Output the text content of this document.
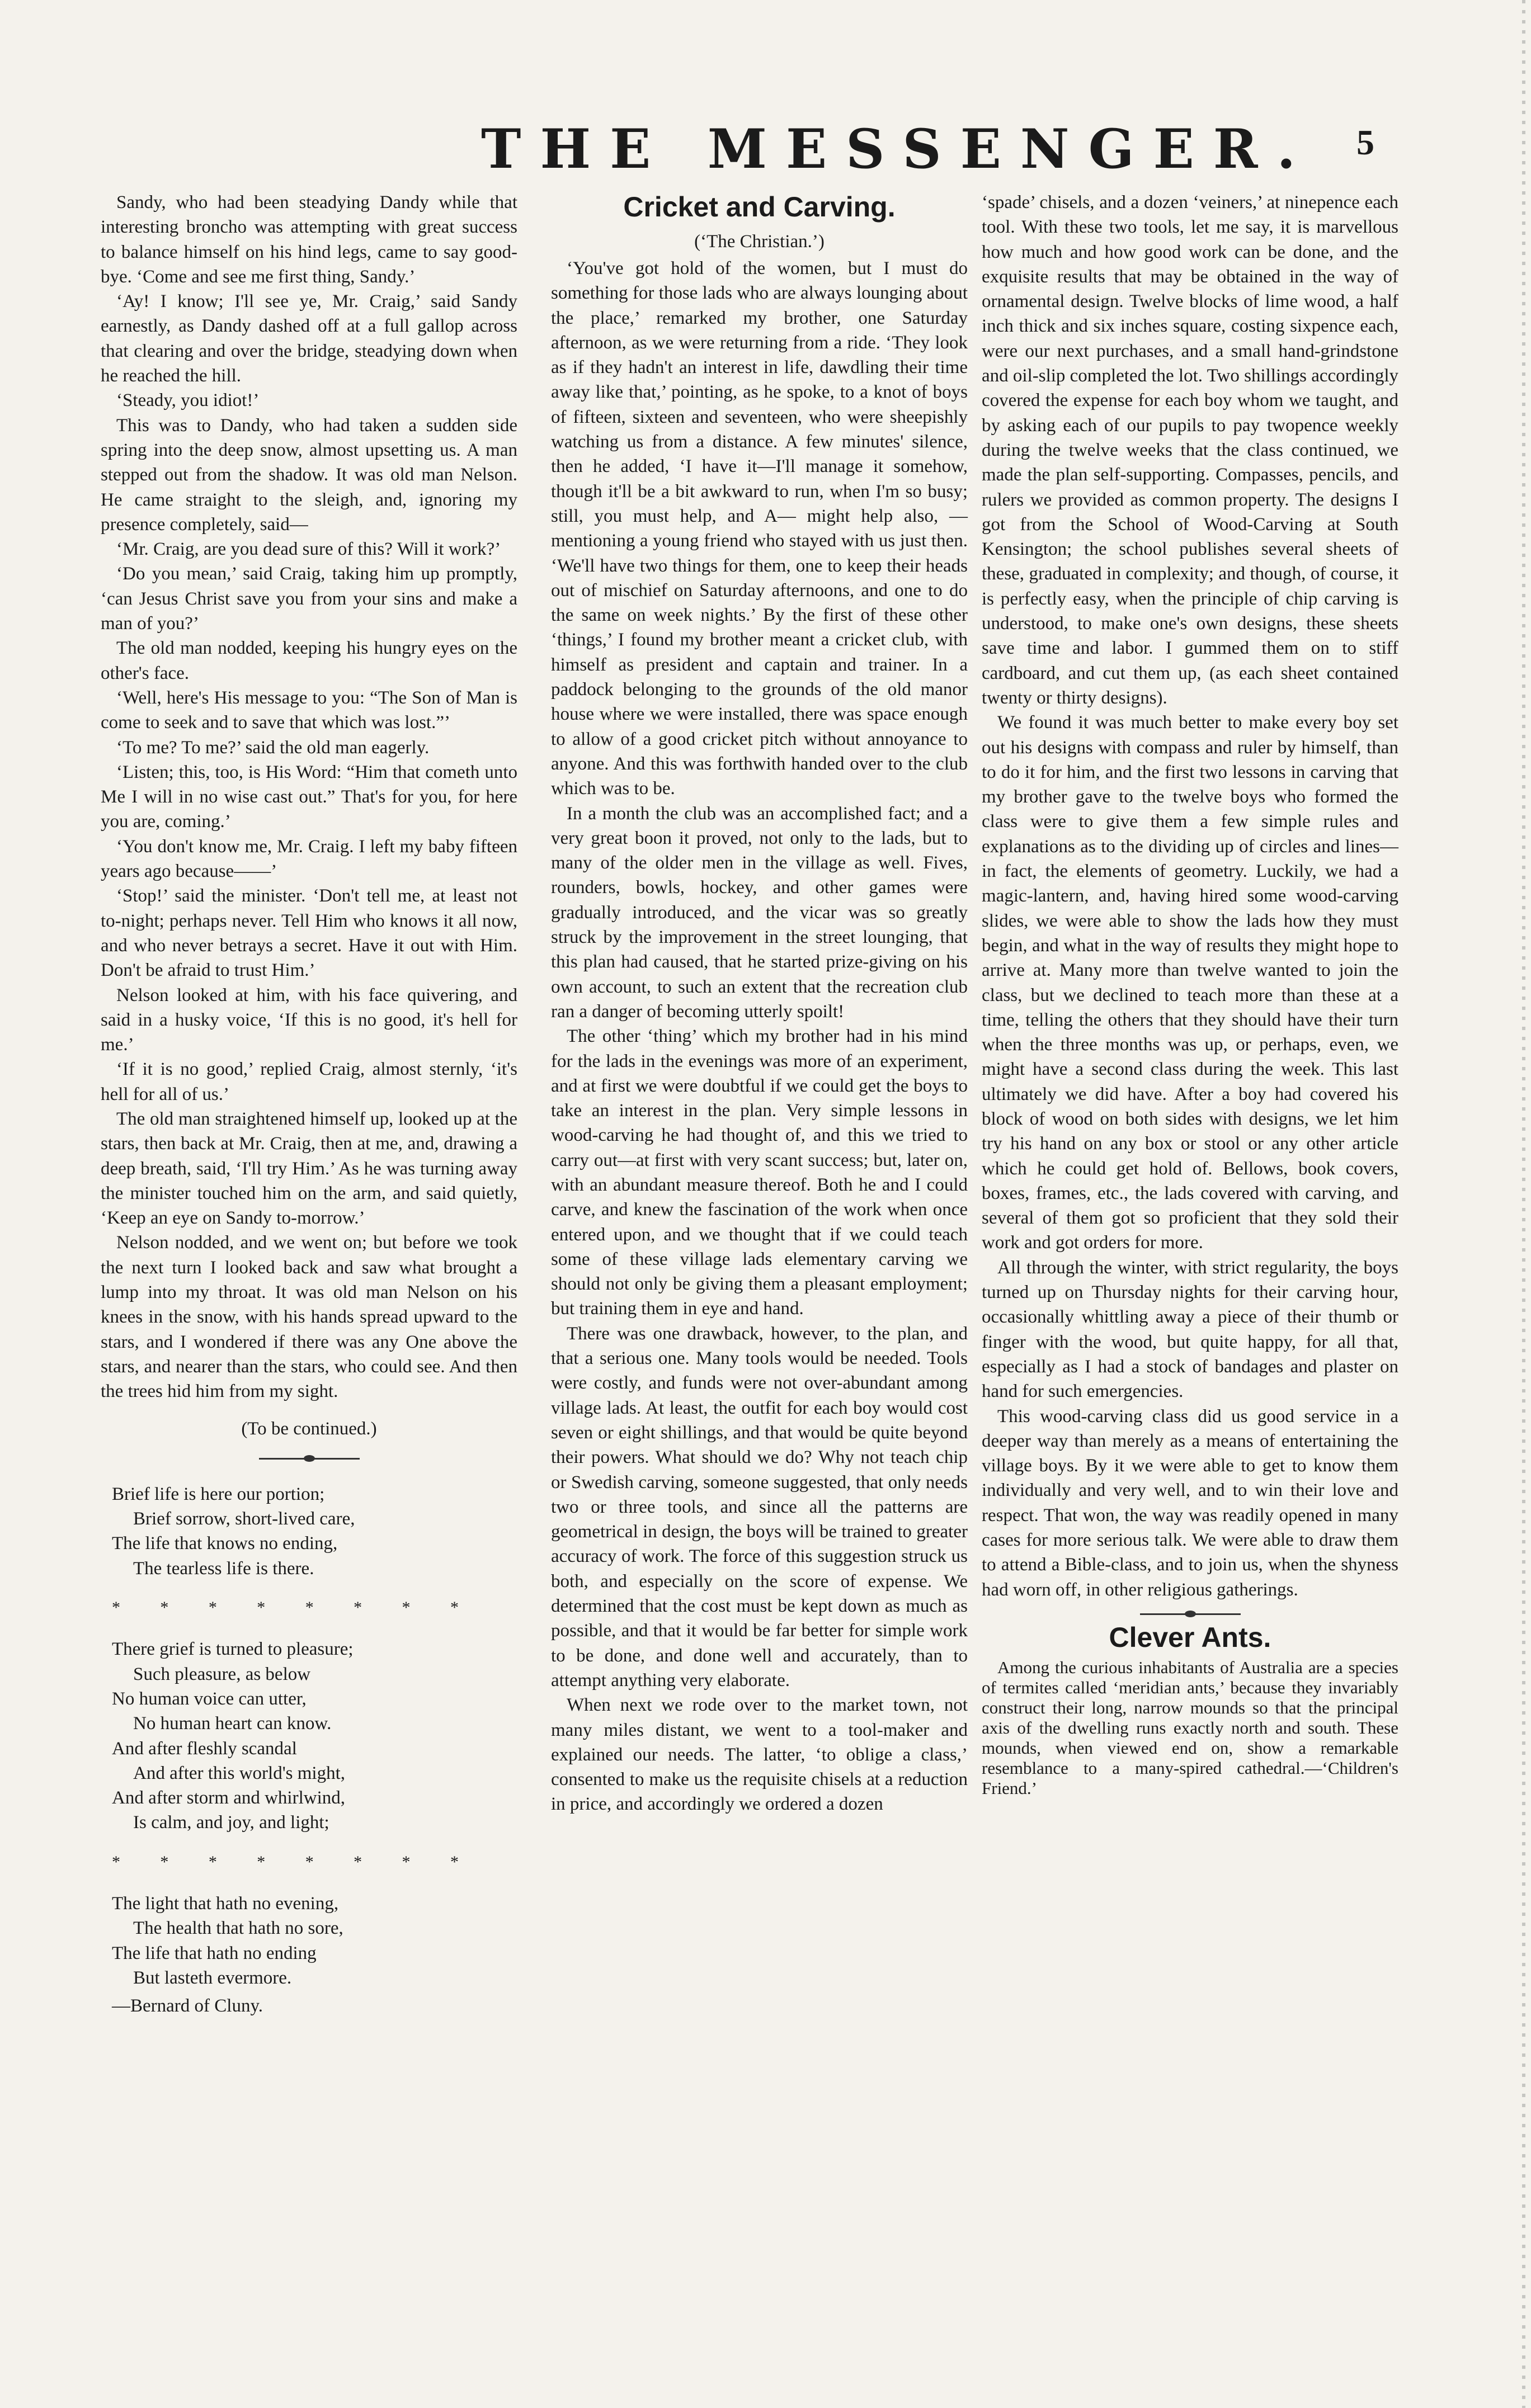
THE MESSENGER. 5

Sandy, who had been steadying Dandy while that interesting broncho was attempting with great success to balance himself on his hind legs, came to say good-bye. ‘Come and see me first thing, Sandy.’

‘Ay! I know; I'll see ye, Mr. Craig,’ said Sandy earnestly, as Dandy dashed off at a full gallop across that clearing and over the bridge, steadying down when he reached the hill.

‘Steady, you idiot!’

This was to Dandy, who had taken a sudden side spring into the deep snow, almost upsetting us. A man stepped out from the shadow. It was old man Nelson. He came straight to the sleigh, and, ignoring my presence completely, said—

‘Mr. Craig, are you dead sure of this? Will it work?’

‘Do you mean,’ said Craig, taking him up promptly, ‘can Jesus Christ save you from your sins and make a man of you?’

The old man nodded, keeping his hungry eyes on the other's face.

‘Well, here's His message to you: “The Son of Man is come to seek and to save that which was lost.”’

‘To me? To me?’ said the old man eagerly.

‘Listen; this, too, is His Word: “Him that cometh unto Me I will in no wise cast out.” That's for you, for here you are, coming.’

‘You don't know me, Mr. Craig. I left my baby fifteen years ago because——’

‘Stop!’ said the minister. ‘Don't tell me, at least not to-night; perhaps never. Tell Him who knows it all now, and who never betrays a secret. Have it out with Him. Don't be afraid to trust Him.’

Nelson looked at him, with his face quivering, and said in a husky voice, ‘If this is no good, it's hell for me.’

‘If it is no good,’ replied Craig, almost sternly, ‘it's hell for all of us.’

The old man straightened himself up, looked up at the stars, then back at Mr. Craig, then at me, and, drawing a deep breath, said, ‘I'll try Him.’ As he was turning away the minister touched him on the arm, and said quietly, ‘Keep an eye on Sandy to-morrow.’

Nelson nodded, and we went on; but before we took the next turn I looked back and saw what brought a lump into my throat. It was old man Nelson on his knees in the snow, with his hands spread upward to the stars, and I wondered if there was any One above the stars, and nearer than the stars, who could see. And then the trees hid him from my sight.

(To be continued.)
Brief life is here our portion;
Brief sorrow, short-lived care,
The life that knows no ending,
The tearless life is there.
* * * * * * * *
There grief is turned to pleasure;
Such pleasure, as below
No human voice can utter,
No human heart can know.
And after fleshly scandal
And after this world's might,
And after storm and whirlwind,
Is calm, and joy, and light;
* * * * * * * *
The light that hath no evening,
The health that hath no sore,
The life that hath no ending
But lasteth evermore.
—Bernard of Cluny.
Cricket and Carving.
(‘The Christian.’)

‘You've got hold of the women, but I must do something for those lads who are always lounging about the place,’ remarked my brother, one Saturday afternoon, as we were returning from a ride. ‘They look as if they hadn't an interest in life, dawdling their time away like that,’ pointing, as he spoke, to a knot of boys of fifteen, sixteen and seventeen, who were sheepishly watching us from a distance. A few minutes' silence, then he added, ‘I have it—I'll manage it somehow, though it'll be a bit awkward to run, when I'm so busy; still, you must help, and A— might help also, — mentioning a young friend who stayed with us just then. ‘We'll have two things for them, one to keep their heads out of mischief on Saturday afternoons, and one to do the same on week nights.’ By the first of these other ‘things,’ I found my brother meant a cricket club, with himself as president and captain and trainer. In a paddock belonging to the grounds of the old manor house where we were installed, there was space enough to allow of a good cricket pitch without annoyance to anyone. And this was forthwith handed over to the club which was to be.

In a month the club was an accomplished fact; and a very great boon it proved, not only to the lads, but to many of the older men in the village as well. Fives, rounders, bowls, hockey, and other games were gradually introduced, and the vicar was so greatly struck by the improvement in the street lounging, that this plan had caused, that he started prize-giving on his own account, to such an extent that the recreation club ran a danger of becoming utterly spoilt!

The other ‘thing’ which my brother had in his mind for the lads in the evenings was more of an experiment, and at first we were doubtful if we could get the boys to take an interest in the plan. Very simple lessons in wood-carving he had thought of, and this we tried to carry out—at first with very scant success; but, later on, with an abundant measure thereof. Both he and I could carve, and knew the fascination of the work when once entered upon, and we thought that if we could teach some of these village lads elementary carving we should not only be giving them a pleasant employment; but training them in eye and hand.

There was one drawback, however, to the plan, and that a serious one. Many tools would be needed. Tools were costly, and funds were not over-abundant among village lads. At least, the outfit for each boy would cost seven or eight shillings, and that would be quite beyond their powers. What should we do? Why not teach chip or Swedish carving, someone suggested, that only needs two or three tools, and since all the patterns are geometrical in design, the boys will be trained to greater accuracy of work. The force of this suggestion struck us both, and especially on the score of expense. We determined that the cost must be kept down as much as possible, and that it would be far better for simple work to be done, and done well and accurately, than to attempt anything very elaborate.

When next we rode over to the market town, not many miles distant, we went to a tool-maker and explained our needs. The latter, ‘to oblige a class,’ consented to make us the requisite chisels at a reduction in price, and accordingly we ordered a dozen

‘spade’ chisels, and a dozen ‘veiners,’ at ninepence each tool. With these two tools, let me say, it is marvellous how much and how good work can be done, and the exquisite results that may be obtained in the way of ornamental design. Twelve blocks of lime wood, a half inch thick and six inches square, costing sixpence each, were our next purchases, and a small hand-grindstone and oil-slip completed the lot. Two shillings accordingly covered the expense for each boy whom we taught, and by asking each of our pupils to pay twopence weekly during the twelve weeks that the class continued, we made the plan self-supporting. Compasses, pencils, and rulers we provided as common property. The designs I got from the School of Wood-Carving at South Kensington; the school publishes several sheets of these, graduated in complexity; and though, of course, it is perfectly easy, when the principle of chip carving is understood, to make one's own designs, these sheets save time and labor. I gummed them on to stiff cardboard, and cut them up, (as each sheet contained twenty or thirty designs).

We found it was much better to make every boy set out his designs with compass and ruler by himself, than to do it for him, and the first two lessons in carving that my brother gave to the twelve boys who formed the class were to give them a few simple rules and explanations as to the dividing up of circles and lines—in fact, the elements of geometry. Luckily, we had a magic-lantern, and, having hired some wood-carving slides, we were able to show the lads how they must begin, and what in the way of results they might hope to arrive at. Many more than twelve wanted to join the class, but we declined to teach more than these at a time, telling the others that they should have their turn when the three months was up, or perhaps, even, we might have a second class during the week. This last ultimately we did have. After a boy had covered his block of wood on both sides with designs, we let him try his hand on any box or stool or any other article which he could get hold of. Bellows, book covers, boxes, frames, etc., the lads covered with carving, and several of them got so proficient that they sold their work and got orders for more.

All through the winter, with strict regularity, the boys turned up on Thursday nights for their carving hour, occasionally whittling away a piece of their thumb or finger with the wood, but quite happy, for all that, especially as I had a stock of bandages and plaster on hand for such emergencies.

This wood-carving class did us good service in a deeper way than merely as a means of entertaining the village boys. By it we were able to get to know them individually and very well, and to win their love and respect. That won, the way was readily opened in many cases for more serious talk. We were able to draw them to attend a Bible-class, and to join us, when the shyness had worn off, in other religious gatherings.

Clever Ants.

Among the curious inhabitants of Australia are a species of termites called ‘meridian ants,’ because they invariably construct their long, narrow mounds so that the principal axis of the dwelling runs exactly north and south. These mounds, when viewed end on, show a remarkable resemblance to a many-spired cathedral.—‘Children's Friend.’
